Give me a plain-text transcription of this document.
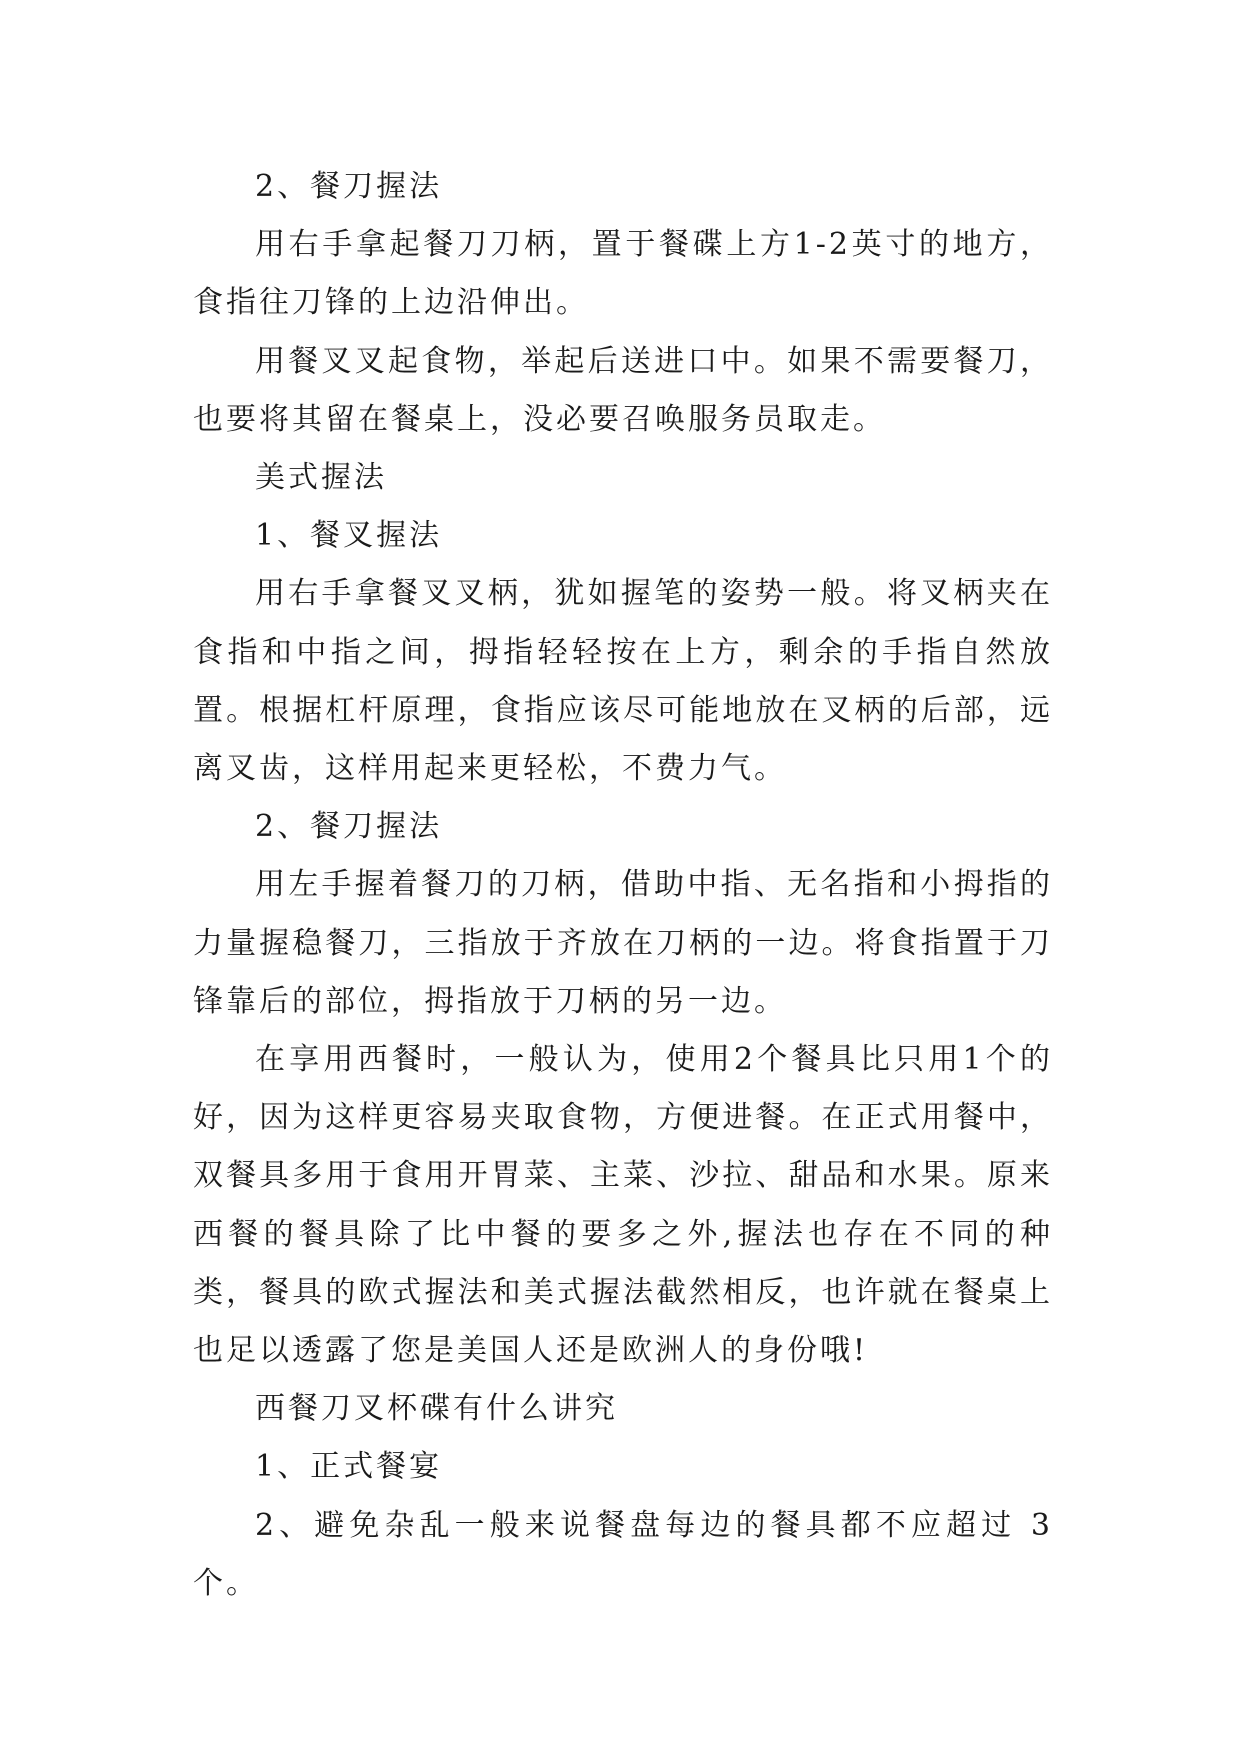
2、餐刀握法

用右手拿起餐刀刀柄，置于餐碟上方1-2英寸的地方，食指往刀锋的上边沿伸出。

用餐叉叉起食物，举起后送进口中。如果不需要餐刀，也要将其留在餐桌上，没必要召唤服务员取走。

美式握法

1、餐叉握法

用右手拿餐叉叉柄，犹如握笔的姿势一般。将叉柄夹在食指和中指之间，拇指轻轻按在上方，剩余的手指自然放置。根据杠杆原理，食指应该尽可能地放在叉柄的后部，远离叉齿，这样用起来更轻松，不费力气。

2、餐刀握法

用左手握着餐刀的刀柄，借助中指、无名指和小拇指的力量握稳餐刀，三指放于齐放在刀柄的一边。将食指置于刀锋靠后的部位，拇指放于刀柄的另一边。

在享用西餐时，一般认为，使用2个餐具比只用1个的好，因为这样更容易夹取食物，方便进餐。在正式用餐中，双餐具多用于食用开胃菜、主菜、沙拉、甜品和水果。原来西餐的餐具除了比中餐的要多之外,握法也存在不同的种类，餐具的欧式握法和美式握法截然相反，也许就在餐桌上也足以透露了您是美国人还是欧洲人的身份哦!

西餐刀叉杯碟有什么讲究

1、正式餐宴

2、避免杂乱一般来说餐盘每边的餐具都不应超过 3 个。
